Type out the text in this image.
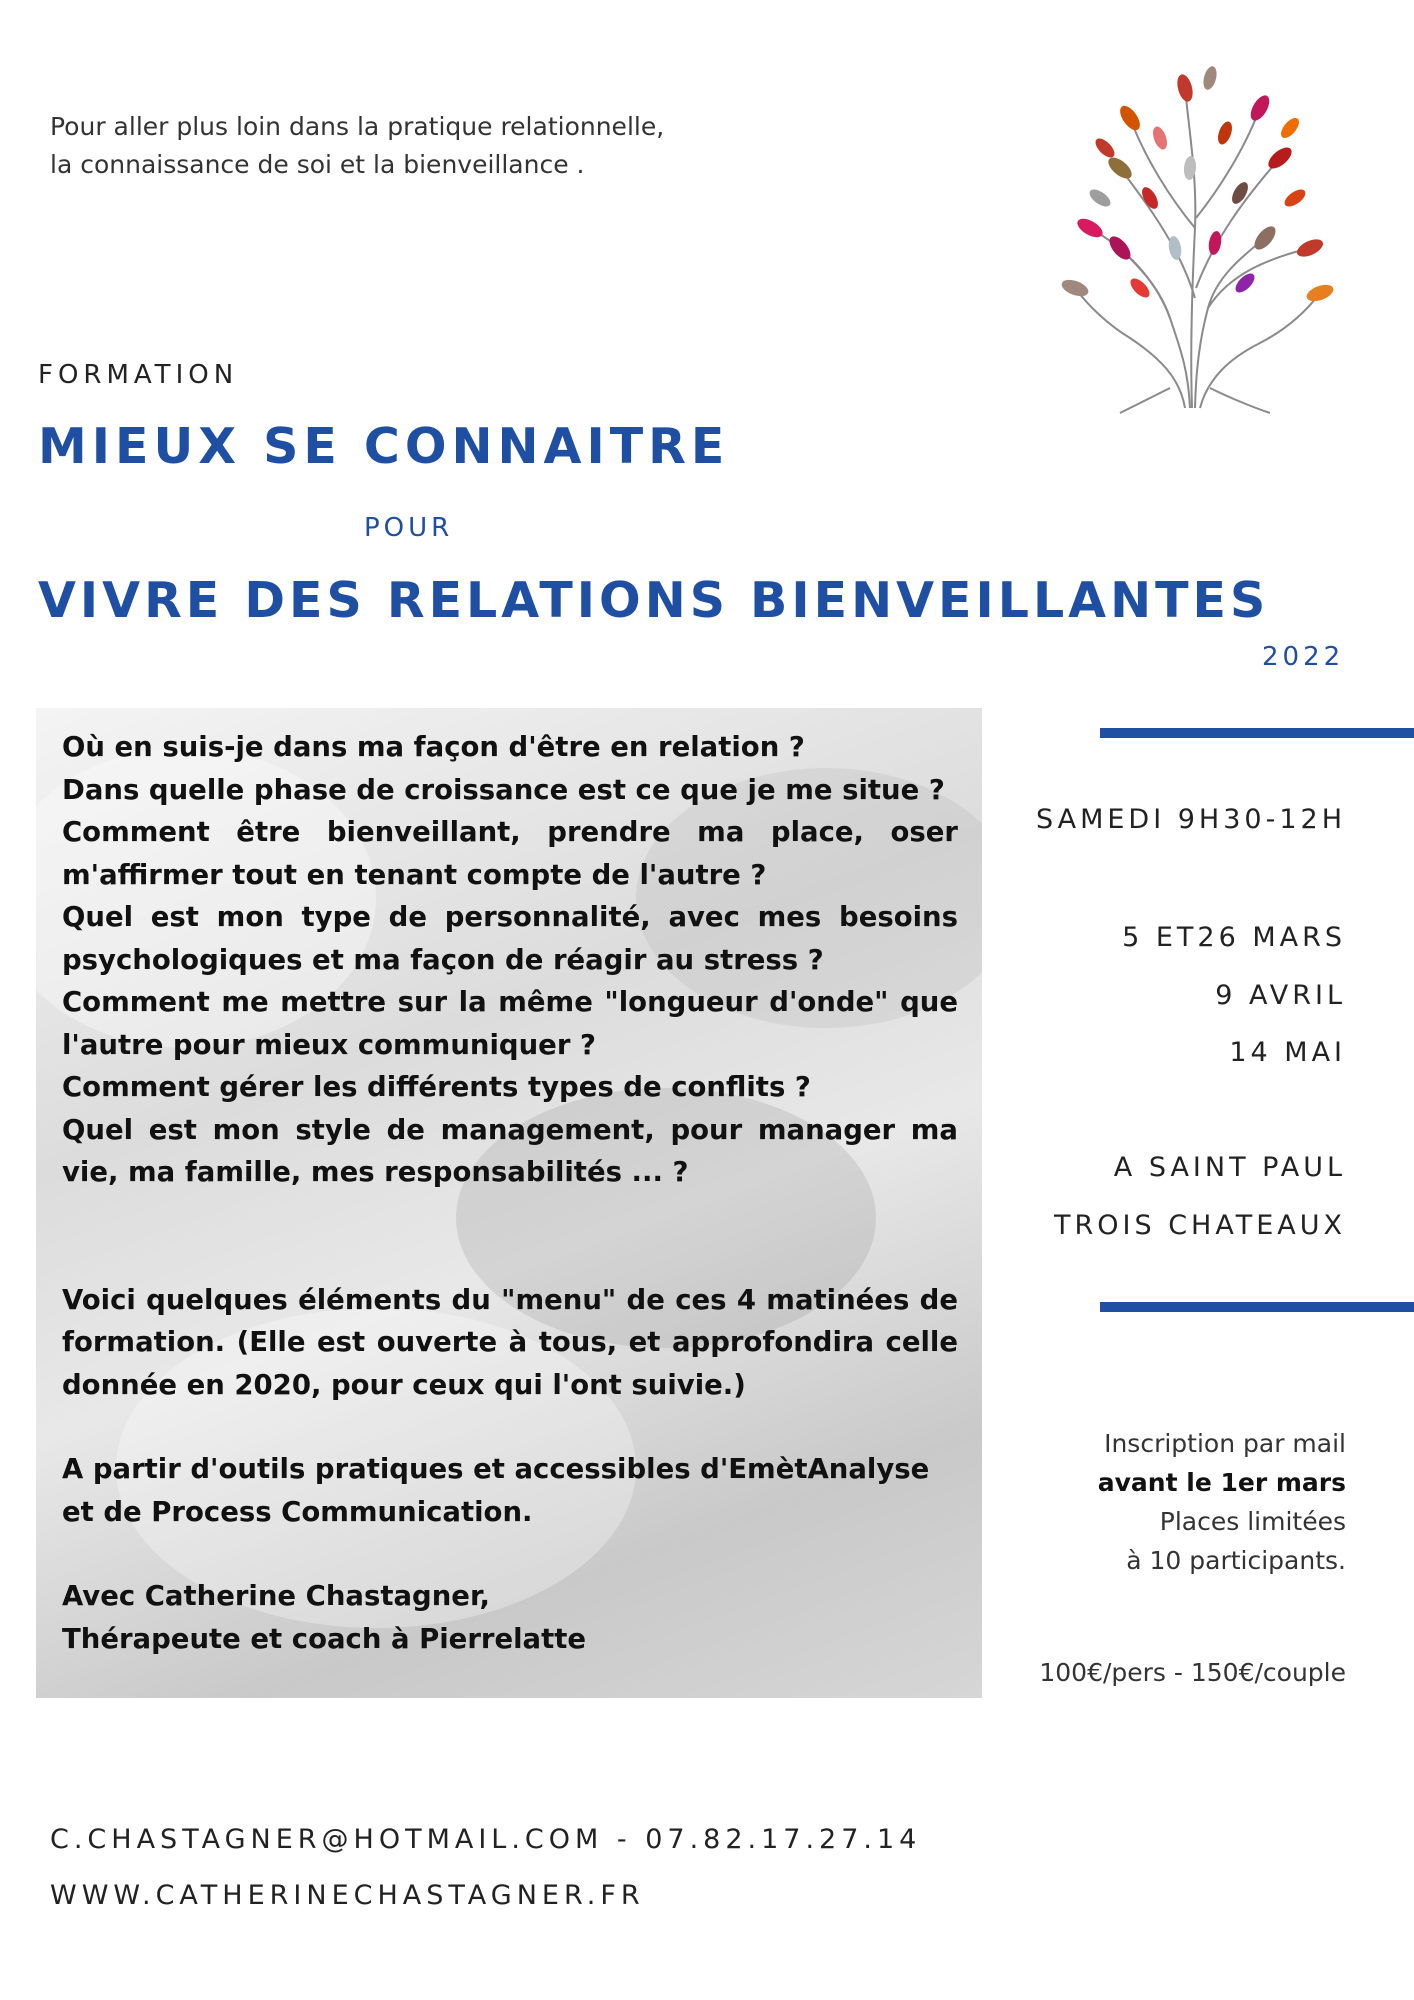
Pour aller plus loin dans la pratique relationnelle,
la connaissance de soi et la bienveillance .
FORMATION
MIEUX SE CONNAITRE
POUR
VIVRE DES RELATIONS BIENVEILLANTES
2022

Où en suis-je dans ma façon d'être en relation ?

Dans quelle phase de croissance est ce que je me situe ?

Comment être bienveillant, prendre ma place, oser m'affirmer tout en tenant compte de l'autre ?

Quel est mon type de personnalité, avec mes besoins psychologiques et ma façon de réagir au stress ?

Comment me mettre sur la même "longueur d'onde" que l'autre pour mieux communiquer ?

Comment gérer les différents types de conflits ?

Quel est mon style de management, pour manager ma vie, ma famille, mes responsabilités ... ?

Voici quelques éléments du "menu" de ces 4 matinées de formation. (Elle est ouverte à tous, et approfondira celle donnée en 2020, pour ceux qui l'ont suivie.)

A partir d'outils pratiques et accessibles d'EmètAnalyse et de Process Communication.

Avec Catherine Chastagner,

Thérapeute et coach à Pierrelatte

SAMEDI 9H30-12H
5 ET26 MARS
9 AVRIL
14 MAI
A SAINT PAUL
TROIS CHATEAUX
Inscription par mail
avant le 1er mars
Places limitées
à 10 participants.
100€/pers - 150€/couple
C.CHASTAGNER@HOTMAIL.COM - 07.82.17.27.14
WWW.CATHERINECHASTAGNER.FR
